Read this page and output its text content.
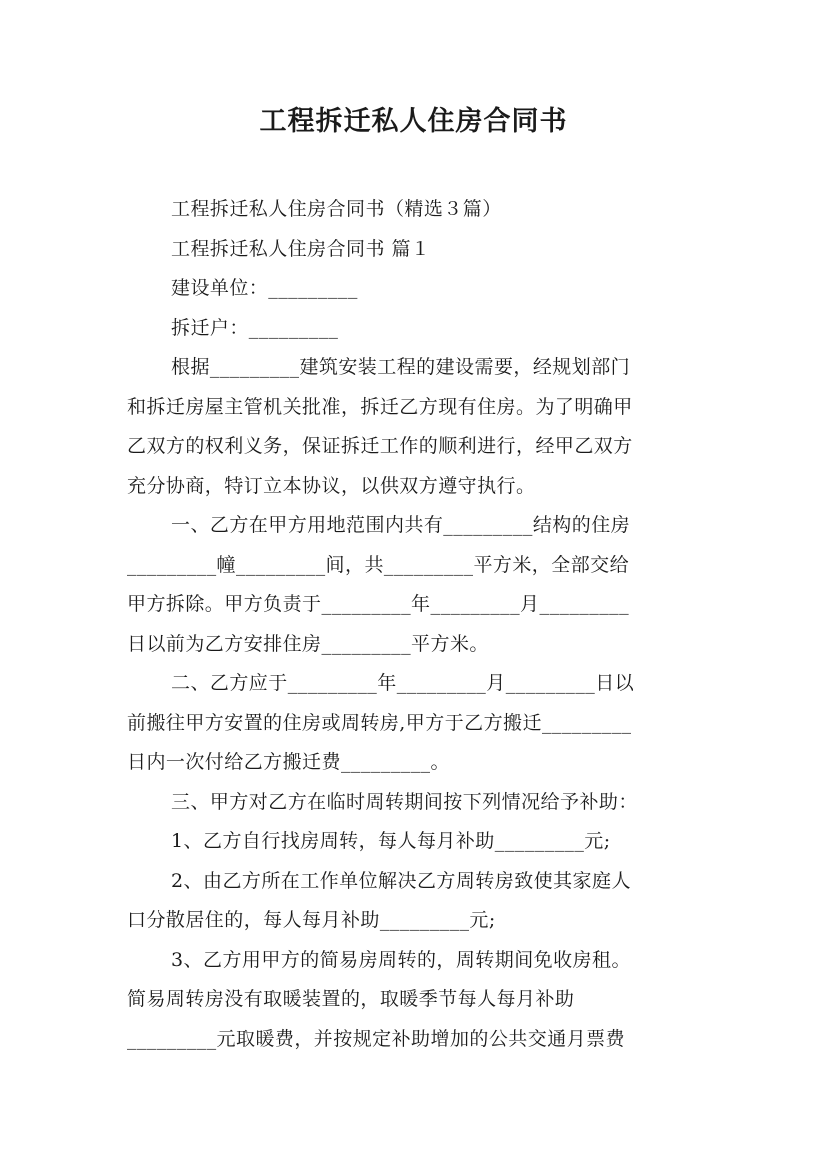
工程拆迁私人住房合同书
工程拆迁私人住房合同书（精选３篇）
工程拆迁私人住房合同书 篇１
建设单位：_________
拆迁户：_________
根据_________建筑安装工程的建设需要，经规划部门
和拆迁房屋主管机关批准，拆迁乙方现有住房。为了明确甲
乙双方的权利义务，保证拆迁工作的顺利进行，经甲乙双方
充分协商，特订立本协议，以供双方遵守执行。
一、乙方在甲方用地范围内共有_________结构的住房
_________幢_________间，共_________平方米，全部交给
甲方拆除。甲方负责于_________年_________月_________
日以前为乙方安排住房_________平方米。
二、乙方应于_________年_________月_________日以
前搬往甲方安置的住房或周转房,甲方于乙方搬迁_________
日内一次付给乙方搬迁费_________。
三、甲方对乙方在临时周转期间按下列情况给予补助：
1、乙方自行找房周转，每人每月补助_________元;
2、由乙方所在工作单位解决乙方周转房致使其家庭人
口分散居住的，每人每月补助_________元;
3、乙方用甲方的简易房周转的，周转期间免收房租。
简易周转房没有取暖装置的，取暖季节每人每月补助
_________元取暖费，并按规定补助增加的公共交通月票费
